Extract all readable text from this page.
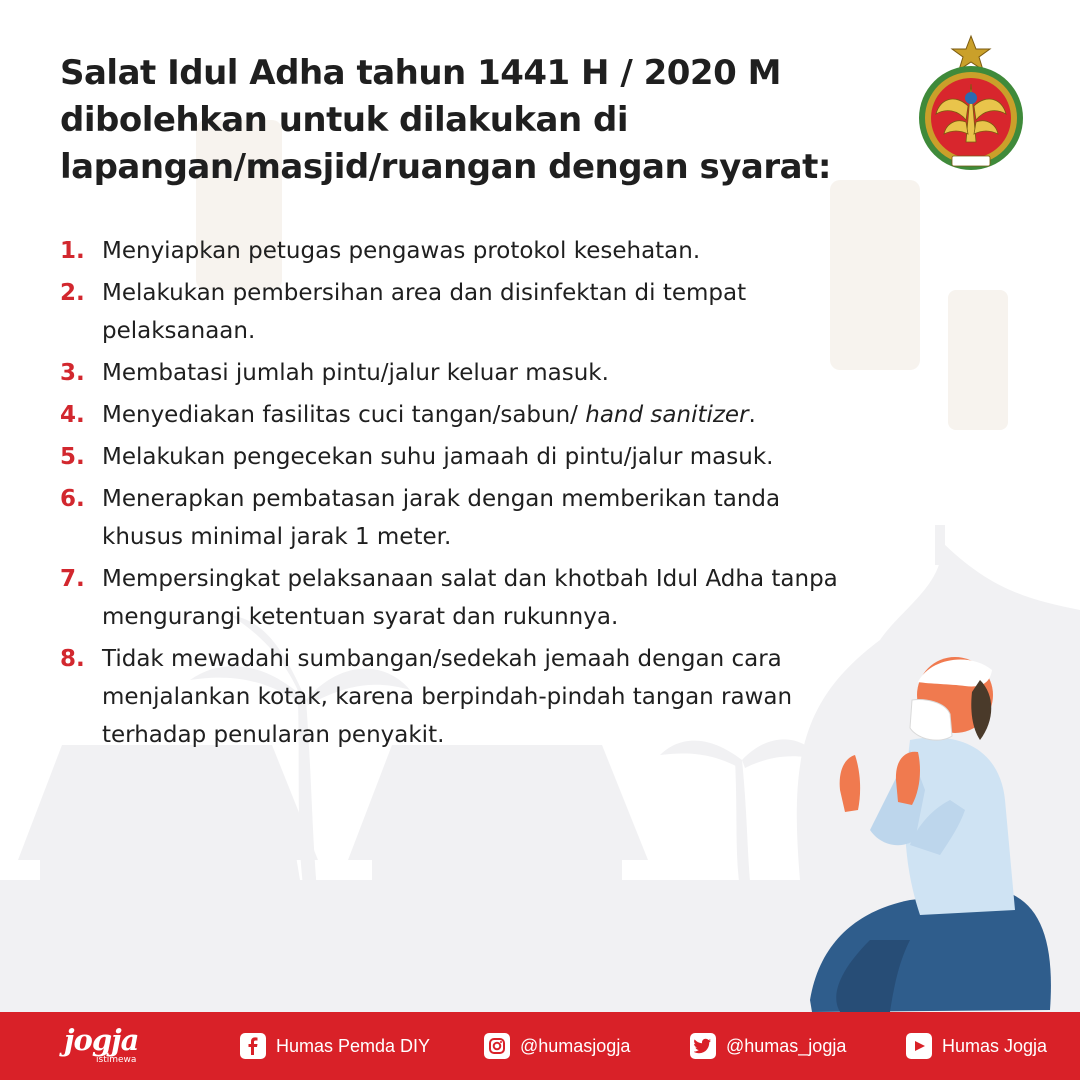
Salat Idul Adha tahun 1441 H / 2020 M
dibolehkan untuk dilakukan di
lapangan/masjid/ruangan dengan syarat:
1. Menyiapkan petugas pengawas protokol kesehatan.
2. Melakukan pembersihan area dan disinfektan di tempat
pelaksanaan.
3. Membatasi jumlah pintu/jalur keluar masuk.
4. Menyediakan fasilitas cuci tangan/sabun/ hand sanitizer.
5. Melakukan pengecekan suhu jamaah di pintu/jalur masuk.
6. Menerapkan pembatasan jarak dengan memberikan tanda
khusus minimal jarak 1 meter.
7. Mempersingkat pelaksanaan salat dan khotbah Idul Adha tanpa
mengurangi ketentuan syarat dan rukunnya.
8. Tidak mewadahi sumbangan/sedekah jemaah dengan cara
menjalankan kotak, karena berpindah-pindah tangan rawan
terhadap penularan penyakit.
jogja
istimewa
Humas Pemda DIY	@humasjogja	@humas_jogja	Humas Jogja
